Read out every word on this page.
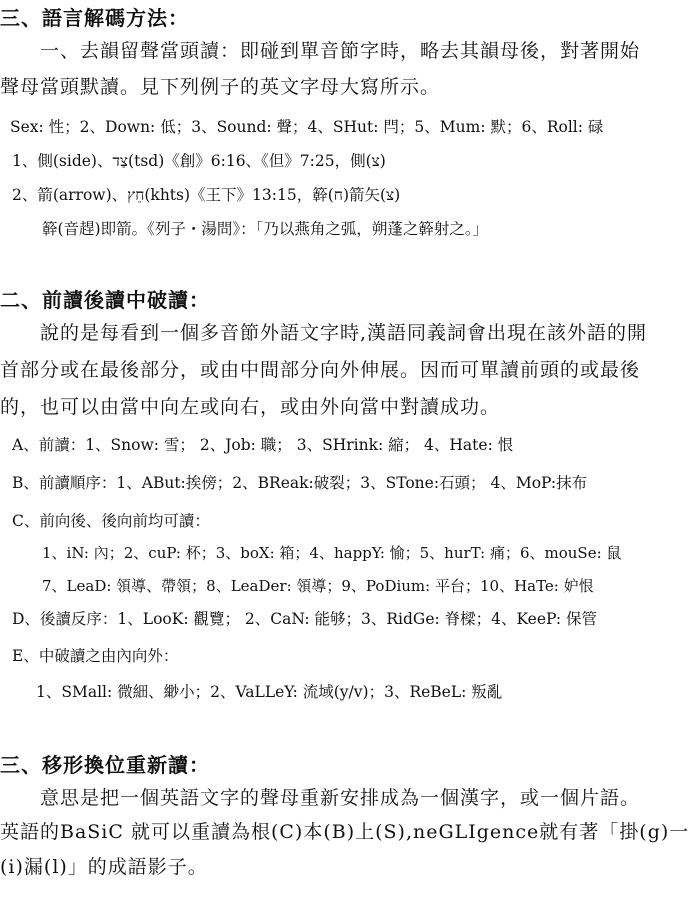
三、語言解碼方法：
一、去韻留聲當頭讀：即碰到單音節字時，略去其韻母後，對著開始
聲母當頭默讀。見下列例子的英文字母大寫所示。
Sex: 性；2、Down: 低；3、Sound: 聲；4、SHut: 閂；5、Mum: 默；6、Roll: 碌
1、側(side)、צַד(tsd)《創》6:16、《但》7:25，側(צ)
2、箭(arrow)、חֵץ(khts)《王下》13:15，簳(ח)箭矢(צ)
簳(音趕)即箭。《列子・湯問》：「乃以燕角之弧，朔蓬之簳射之。」
二、前讀後讀中破讀：
說的是每看到一個多音節外語文字時,漢語同義詞會出現在該外語的開
首部分或在最後部分，或由中間部分向外伸展。因而可單讀前頭的或最後
的，也可以由當中向左或向右，或由外向當中對讀成功。
A、前讀：1、Snow: 雪； 2、Job: 職； 3、SHrink: 縮； 4、Hate: 恨
B、前讀順序：1、ABut:挨傍；2、BReak:破裂；3、STone:石頭； 4、MoP:抹布
C、前向後、後向前均可讀：
1、iN: 內；2、cuP: 杯；3、boX: 箱；4、happY: 愉；5、hurT: 痛；6、mouSe: 鼠
7、LeaD: 領導、帶領；8、LeaDer: 領導；9、PoDium: 平台；10、HaTe: 妒恨
D、後讀反序：1、LooK: 觀覽； 2、CaN: 能够；3、RidGe: 脊樑；4、KeeP: 保管
E、中破讀之由內向外：
1、SMall: 微細、緲小；2、VaLLeY: 流域(y/v)；3、ReBeL: 叛亂
三、移形換位重新讀：
意思是把一個英語文字的聲母重新安排成為一個漢字，或一個片語。
英語的BaSiC 就可以重讀為根(C)本(B)上(S),neGLIgence就有著「掛(g)一
(i)漏(l)」的成語影子。
